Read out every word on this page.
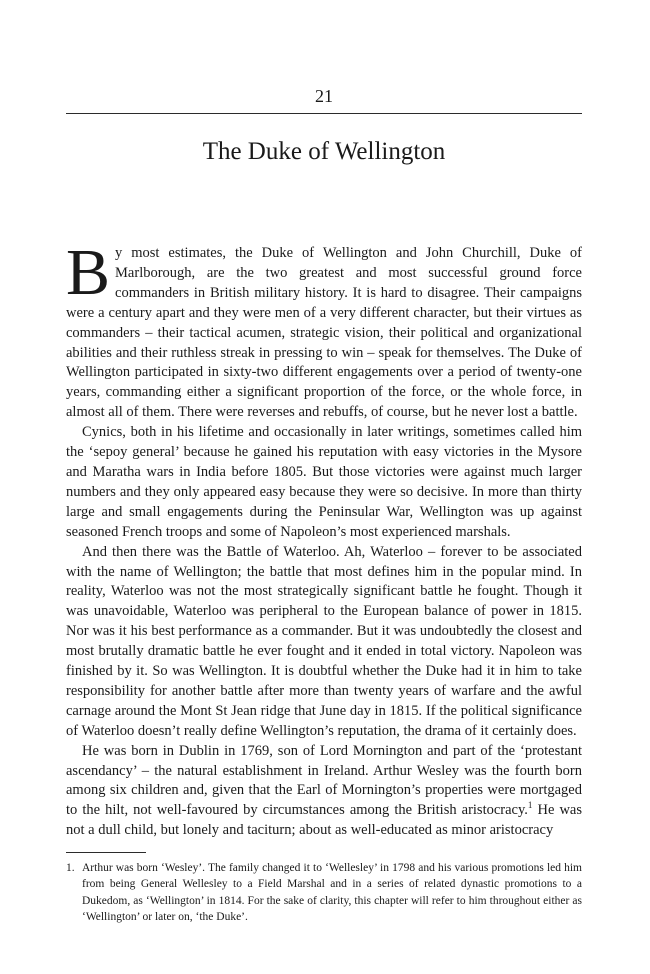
21
The Duke of Wellington

By most estimates, the Duke of Wellington and John Churchill, Duke of Marlborough, are the two greatest and most successful ground force commanders in British military history. It is hard to disagree. Their campaigns were a century apart and they were men of a very different character, but their virtues as commanders – their tactical acumen, strategic vision, their political and organizational abilities and their ruthless streak in pressing to win – speak for themselves. The Duke of Wellington participated in sixty-two different engagements over a period of twenty-one years, commanding either a significant proportion of the force, or the whole force, in almost all of them. There were reverses and rebuffs, of course, but he never lost a battle.

Cynics, both in his lifetime and occasionally in later writings, sometimes called him the ‘sepoy general’ because he gained his reputation with easy victories in the Mysore and Maratha wars in India before 1805. But those victories were against much larger numbers and they only appeared easy because they were so decisive. In more than thirty large and small engagements during the Peninsular War, Wellington was up against seasoned French troops and some of Napoleon’s most experienced marshals.

And then there was the Battle of Waterloo. Ah, Waterloo – forever to be associated with the name of Wellington; the battle that most defines him in the popular mind. In reality, Waterloo was not the most strategically significant battle he fought. Though it was unavoidable, Waterloo was peripheral to the European balance of power in 1815. Nor was it his best performance as a commander. But it was undoubtedly the closest and most brutally dramatic battle he ever fought and it ended in total victory. Napoleon was finished by it. So was Wellington. It is doubtful whether the Duke had it in him to take responsibility for another battle after more than twenty years of warfare and the awful carnage around the Mont St Jean ridge that June day in 1815. If the political significance of Waterloo doesn’t really define Wellington’s reputation, the drama of it certainly does.

He was born in Dublin in 1769, son of Lord Mornington and part of the ‘protestant ascendancy’ – the natural establishment in Ireland. Arthur Wesley was the fourth born among six children and, given that the Earl of Mornington’s properties were mortgaged to the hilt, not well-favoured by circumstances among the British aristocracy.$^1$ He was not a dull child, but lonely and taciturn; about as well-educated as minor aristocracy

1. Arthur was born ‘Wesley’. The family changed it to ‘Wellesley’ in 1798 and his various promotions led him from being General Wellesley to a Field Marshal and in a series of related dynastic promotions to a Dukedom, as ‘Wellington’ in 1814. For the sake of clarity, this chapter will refer to him throughout either as ‘Wellington’ or later on, ‘the Duke’.
